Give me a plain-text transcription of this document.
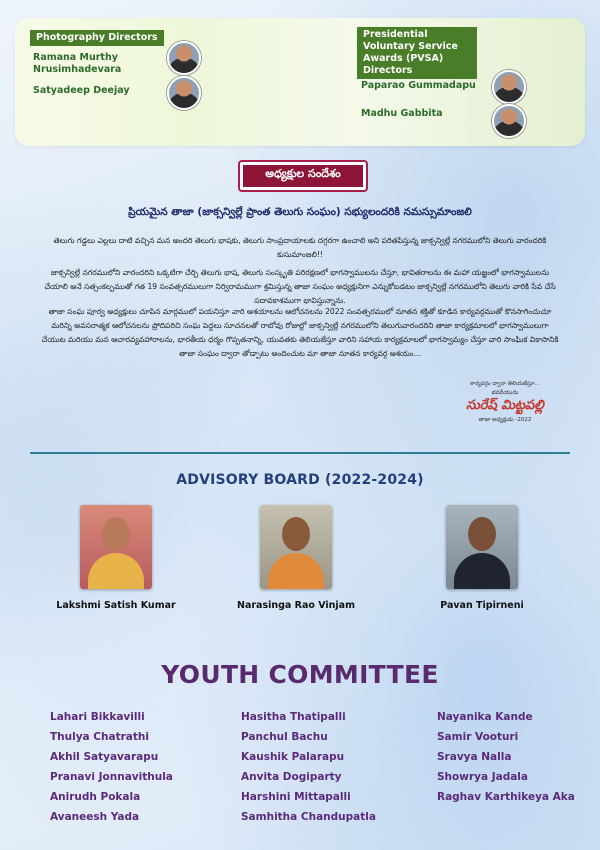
Photography Directors
Ramana Murthy Nrusimhadevara
Satyadeep Deejay
Presidential Voluntary Service Awards (PVSA) Directors
Paparao Gummadapu
Madhu Gabbita
అధ్యక్షుల సందేశం
ప్రియమైన తాజా (జాక్సన్విల్లే ప్రాంత తెలుగు సంఘం) సభ్యులందరికి నమస్సుమాంజలి
తెలుగు గడ్డలు ఎల్లలు దాటి వచ్చిన మన అందరి తెలుగు భాషకు, తెలుగు సాంప్రదాయాలకు దగ్గరగా ఉంచాలి అని పరితపిస్తున్న జాక్సన్విల్లే నగరములోని తెలుగు వారందరికి కుసుమాంజలి!!
జాక్సన్విల్లే నగరములోని వారందరిని ఒక్కటిగా చేర్చి తెలుగు భాష, తెలుగు సంస్కృతి పరిరక్షణలో భాగస్వాములను చేస్తూ, భావితరాలను ఈ మహా యజ్ఞంలో భాగస్వాములను చేయాలి అనే సత్సంకల్పముతో గత 19 సంవత్సరములుగా నిర్విరామముగా శ్రమిస్తున్న తాజా సంఘం అధ్యక్షునిగా ఎన్నుకోబడటం జాక్సన్విల్లే నగరములోని తెలుగు వారికి సేవ చేసే సదావకాశముగా భావిస్తున్నాను.
తాజా సంఘ పూర్వ అధ్యక్షులు చూపిన మార్గములో పయనిస్తూ వారి ఆశయాలను ఆలోచనలను 2022 సంవత్సరములో నూతన శక్తితో కూడిన కార్యవర్గముతో కొనసాగించుచూ మరిన్ని అవసరాత్మక ఆలోచనలను ప్రోదిపరిచి సంఘ పెద్దలు సూచనలతో రాబోవు రోజుల్లో జాక్సన్విల్లే నగరములోని తెలుగువారందరిని తాజా కార్యక్రమాలలో భాగస్వాములుగా చేయుట మరియు మన ఆచారవ్యవహారాలను, భారతీయ ధర్మం గొప్పతనాన్ని, యువతకు తెలియజేస్తూ వారిని సహాయ కార్యక్రమాలలో భాగస్వామ్యం చేస్తూ వారి సాంఘిక వికాసానికి తాజా సంఘం ద్వారా తోడ్పాటు అందించుట మా తాజా నూతన కార్యవర్గ ఆశయం...
కార్యవర్గం ద్వారా తెలియజేస్తూ...
భవదీయుడు
సురేష్ మిట్టపల్లి
తాజా అధ్యక్షుడు -2022
ADVISORY BOARD (2022-2024)
Lakshmi Satish Kumar	Narasinga Rao Vinjam	Pavan Tipirneni
YOUTH COMMITTEE
Lahari Bikkavilli
Thulya Chatrathi
Akhil Satyavarapu
Pranavi Jonnavithula
Anirudh Pokala
Avaneesh Yada
Hasitha Thatipalli
Panchul Bachu
Kaushik Palarapu
Anvita Dogiparty
Harshini Mittapalli
Samhitha Chandupatla
Nayanika Kande
Samir Vooturi
Sravya Nalla
Showrya Jadala
Raghav Karthikeya Aka
